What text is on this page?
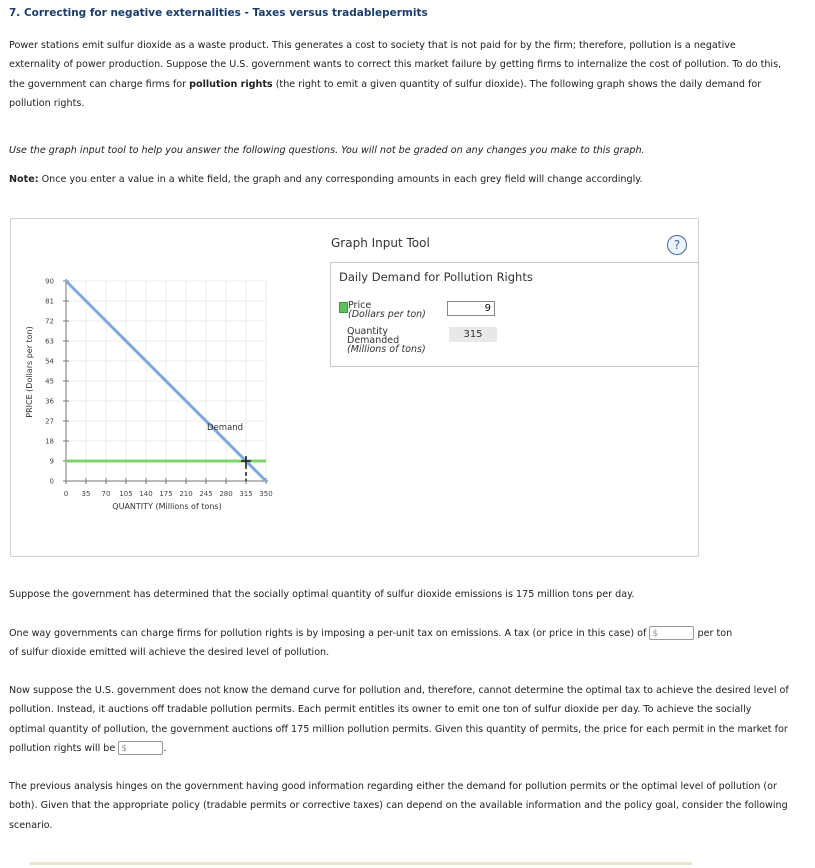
7. Correcting for negative externalities - Taxes versus tradablepermits
Power stations emit sulfur dioxide as a waste product. This generates a cost to society that is not paid for by the firm; therefore, pollution is a negative externality of power production. Suppose the U.S. government wants to correct this market failure by getting firms to internalize the cost of pollution. To do this, the government can charge firms for pollution rights (the right to emit a given quantity of sulfur dioxide). The following graph shows the daily demand for pollution rights.
Use the graph input tool to help you answer the following questions. You will not be graded on any changes you make to this graph.
Note: Once you enter a value in a white field, the graph and any corresponding amounts in each grey field will change accordingly.
0 35 70 105 140 175 210 245 280 315 350
90
81
72
63
54
45
36
27
18
9
0
PRICE (Dollars per ton)
QUANTITY (Millions of tons)
Demand
Graph Input Tool	?
Daily Demand for Pollution Rights
Price
(Dollars per ton)
9
Quantity
Demanded
(Millions of tons)
315
Suppose the government has determined that the socially optimal quantity of sulfur dioxide emissions is 175 million tons per day.
One way governments can charge firms for pollution rights is by imposing a per-unit tax on emissions. A tax (or price in this case) of $	per ton
of sulfur dioxide emitted will achieve the desired level of pollution.
Now suppose the U.S. government does not know the demand curve for pollution and, therefore, cannot determine the optimal tax to achieve the desired level of pollution. Instead, it auctions off tradable pollution permits. Each permit entitles its owner to emit one ton of sulfur dioxide per day. To achieve the socially optimal quantity of pollution, the government auctions off 175 million pollution permits. Given this quantity of permits, the price for each permit in the market for pollution rights will be $	.
The previous analysis hinges on the government having good information regarding either the demand for pollution permits or the optimal level of pollution (or both). Given that the appropriate policy (tradable permits or corrective taxes) can depend on the available information and the policy goal, consider the following scenario.
